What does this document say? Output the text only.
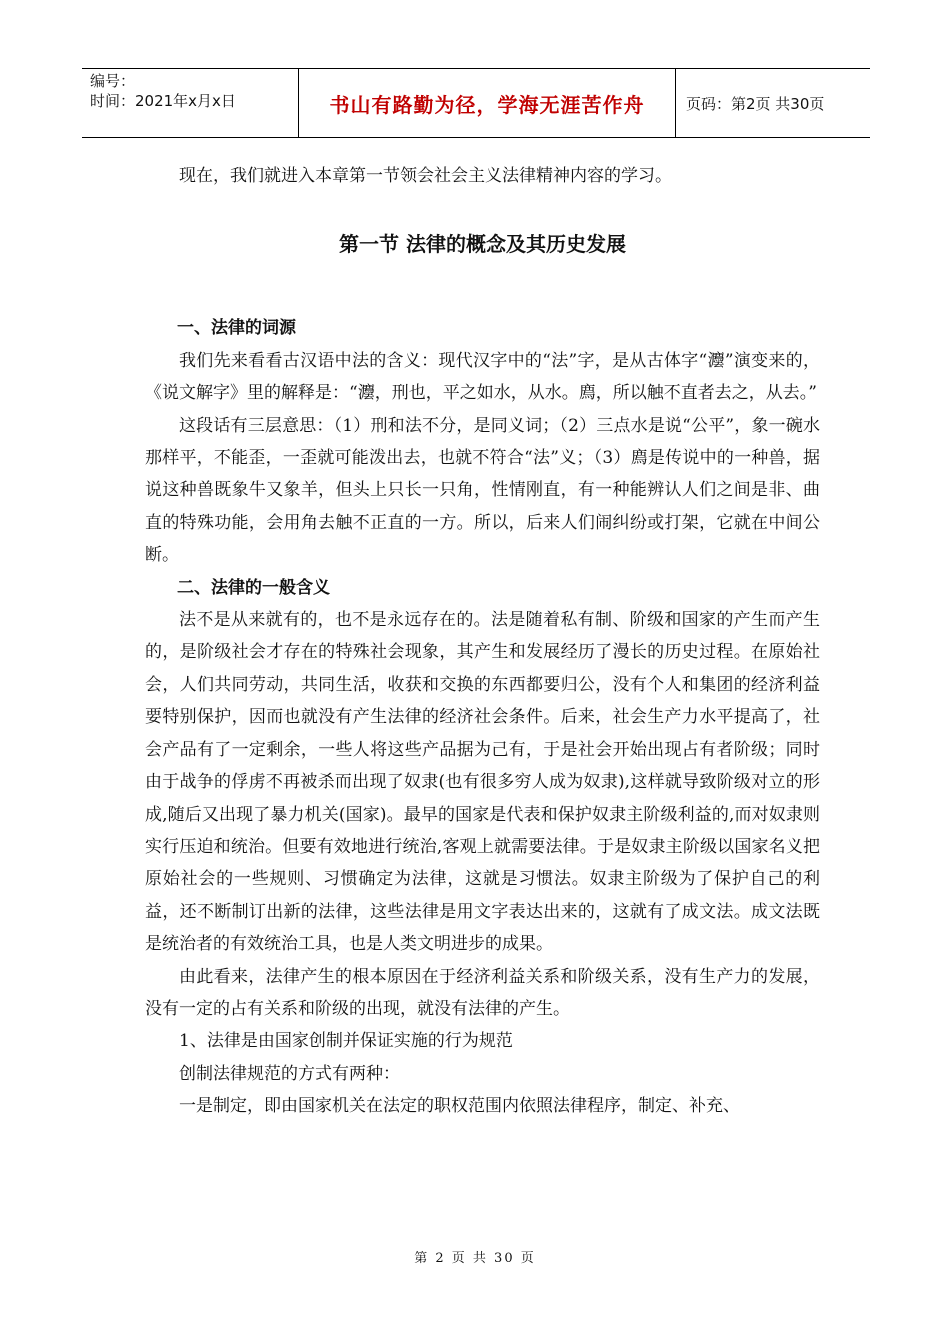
编号：
时间：2021年x月x日	书山有路勤为径，学海无涯苦作舟	页码：第2页 共30页

现在，我们就进入本章第一节领会社会主义法律精神内容的学习。

第一节 法律的概念及其历史发展
一、法律的词源

我们先来看看古汉语中法的含义：现代汉字中的“法”字，是从古体字“灋”演变来的，《说文解字》里的解释是：“灋，刑也，平之如水，从水。廌，所以触不直者去之，从去。”

这段话有三层意思：（1）刑和法不分，是同义词；（2）三点水是说“公平”，象一碗水那样平，不能歪，一歪就可能泼出去，也就不符合“法”义；（3）廌是传说中的一种兽，据说这种兽既象牛又象羊，但头上只长一只角，性情刚直，有一种能辨认人们之间是非、曲直的特殊功能，会用角去触不正直的一方。所以，后来人们闹纠纷或打架，它就在中间公断。

二、法律的一般含义

法不是从来就有的，也不是永远存在的。法是随着私有制、阶级和国家的产生而产生的，是阶级社会才存在的特殊社会现象，其产生和发展经历了漫长的历史过程。在原始社会，人们共同劳动，共同生活，收获和交换的东西都要归公，没有个人和集团的经济利益要特别保护，因而也就没有产生法律的经济社会条件。后来，社会生产力水平提高了，社会产品有了一定剩余，一些人将这些产品据为己有，于是社会开始出现占有者阶级；同时由于战争的俘虏不再被杀而出现了奴隶(也有很多穷人成为奴隶),这样就导致阶级对立的形成,随后又出现了暴力机关(国家)。最早的国家是代表和保护奴隶主阶级利益的,而对奴隶则实行压迫和统治。但要有效地进行统治,客观上就需要法律。于是奴隶主阶级以国家名义把原始社会的一些规则、习惯确定为法律，这就是习惯法。奴隶主阶级为了保护自己的利益，还不断制订出新的法律，这些法律是用文字表达出来的，这就有了成文法。成文法既是统治者的有效统治工具，也是人类文明进步的成果。

由此看来，法律产生的根本原因在于经济利益关系和阶级关系，没有生产力的发展，没有一定的占有关系和阶级的出现，就没有法律的产生。

1、法律是由国家创制并保证实施的行为规范

创制法律规范的方式有两种：

一是制定，即由国家机关在法定的职权范围内依照法律程序，制定、补充、

第 2 页 共 30 页
